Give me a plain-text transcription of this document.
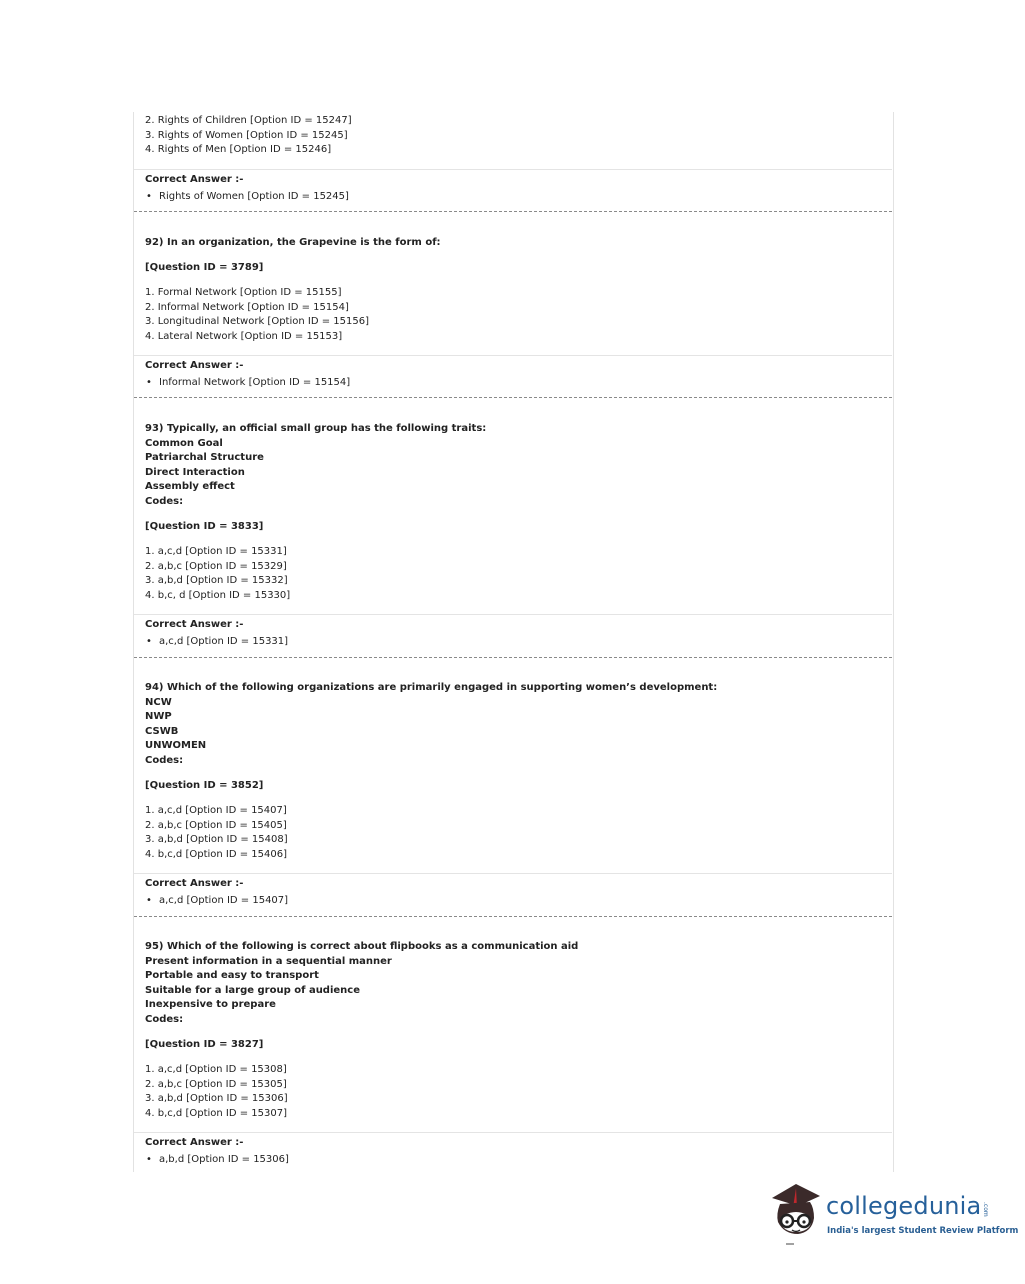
2. Rights of Children [Option ID = 15247]
3. Rights of Women [Option ID = 15245]
4. Rights of Men [Option ID = 15246]
Correct Answer :-
• Rights of Women [Option ID = 15245]
92) In an organization, the Grapevine is the form of:
[Question ID = 3789]
1. Formal Network [Option ID = 15155]
2. Informal Network [Option ID = 15154]
3. Longitudinal Network [Option ID = 15156]
4. Lateral Network [Option ID = 15153]
Correct Answer :-
• Informal Network [Option ID = 15154]
93) Typically, an official small group has the following traits:
Common Goal
Patriarchal Structure
Direct Interaction
Assembly effect
Codes:
[Question ID = 3833]
1. a,c,d [Option ID = 15331]
2. a,b,c [Option ID = 15329]
3. a,b,d [Option ID = 15332]
4. b,c, d [Option ID = 15330]
Correct Answer :-
• a,c,d [Option ID = 15331]
94) Which of the following organizations are primarily engaged in supporting women’s development:
NCW
NWP
CSWB
UNWOMEN
Codes:
[Question ID = 3852]
1. a,c,d [Option ID = 15407]
2. a,b,c [Option ID = 15405]
3. a,b,d [Option ID = 15408]
4. b,c,d [Option ID = 15406]
Correct Answer :-
• a,c,d [Option ID = 15407]
95) Which of the following is correct about flipbooks as a communication aid
Present information in a sequential manner
Portable and easy to transport
Suitable for a large group of audience
Inexpensive to prepare
Codes:
[Question ID = 3827]
1. a,c,d [Option ID = 15308]
2. a,b,c [Option ID = 15305]
3. a,b,d [Option ID = 15306]
4. b,c,d [Option ID = 15307]
Correct Answer :-
• a,b,d [Option ID = 15306]
collegedunia .com
India's largest Student Review Platform
